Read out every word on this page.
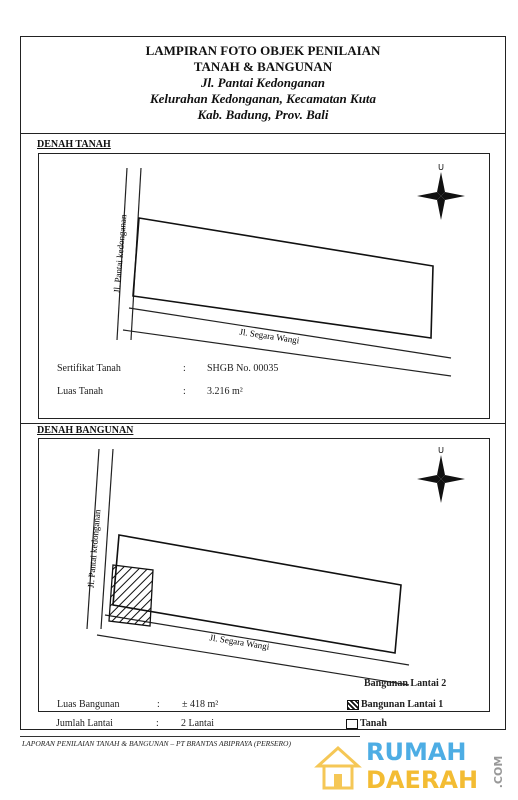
LAMPIRAN FOTO OBJEK PENILAIAN
TANAH & BANGUNAN
Jl. Pantai Kedonganan
Kelurahan Kedonganan, Kecamatan Kuta
Kab. Badung, Prov. Bali
DENAH TANAH
Jl. Pantai kedonganan
Jl. Segara Wangi
U
Sertifikat Tanah	: SHGB No. 00035
Luas Tanah	: 3.216 m²
DENAH BANGUNAN
Jl. Pantai kedonganan
Jl. Segara Wangi
U
Bangunan Lantai 2
Luas Bangunan	: ± 418 m²	Bangunan Lantai 1
Jumlah Lantai	: 2 Lantai	Tanah
LAPORAN PENILAIAN TANAH & BANGUNAN – PT BRANTAS ABIPRAYA (PERSERO)	RUMAH
DAERAH .COM
